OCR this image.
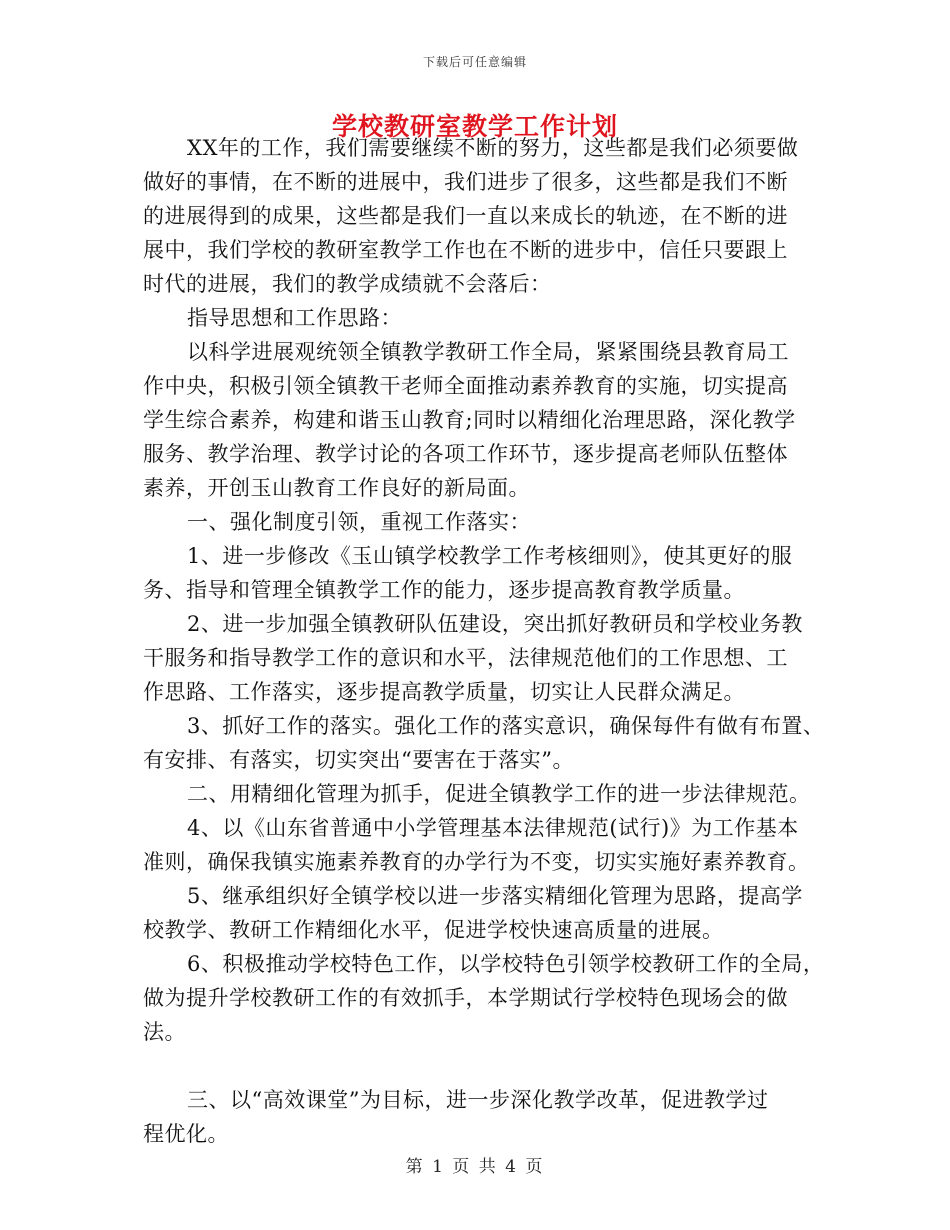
下载后可任意编辑
学校教研室教学工作计划
XX年的工作，我们需要继续不断的努力，这些都是我们必须要做
做好的事情，在不断的进展中，我们进步了很多，这些都是我们不断
的进展得到的成果，这些都是我们一直以来成长的轨迹，在不断的进
展中，我们学校的教研室教学工作也在不断的进步中，信任只要跟上
时代的进展，我们的教学成绩就不会落后：
指导思想和工作思路：
以科学进展观统领全镇教学教研工作全局，紧紧围绕县教育局工
作中央，积极引领全镇教干老师全面推动素养教育的实施，切实提高
学生综合素养，构建和谐玉山教育;同时以精细化治理思路，深化教学
服务、教学治理、教学讨论的各项工作环节，逐步提高老师队伍整体
素养，开创玉山教育工作良好的新局面。
一、强化制度引领，重视工作落实：
1、进一步修改《玉山镇学校教学工作考核细则》，使其更好的服
务、指导和管理全镇教学工作的能力，逐步提高教育教学质量。
2、进一步加强全镇教研队伍建设，突出抓好教研员和学校业务教
干服务和指导教学工作的意识和水平，法律规范他们的工作思想、工
作思路、工作落实，逐步提高教学质量，切实让人民群众满足。
3、抓好工作的落实。强化工作的落实意识，确保每件有做有布置、
有安排、有落实，切实突出“要害在于落实”。
二、用精细化管理为抓手，促进全镇教学工作的进一步法律规范。
4、以《山东省普通中小学管理基本法律规范(试行)》为工作基本
准则，确保我镇实施素养教育的办学行为不变，切实实施好素养教育。
5、继承组织好全镇学校以进一步落实精细化管理为思路，提高学
校教学、教研工作精细化水平，促进学校快速高质量的进展。
6、积极推动学校特色工作，以学校特色引领学校教研工作的全局，
做为提升学校教研工作的有效抓手，本学期试行学校特色现场会的做
法。
三、以“高效课堂”为目标，进一步深化教学改革，促进教学过
程优化。
第 1 页 共 4 页
